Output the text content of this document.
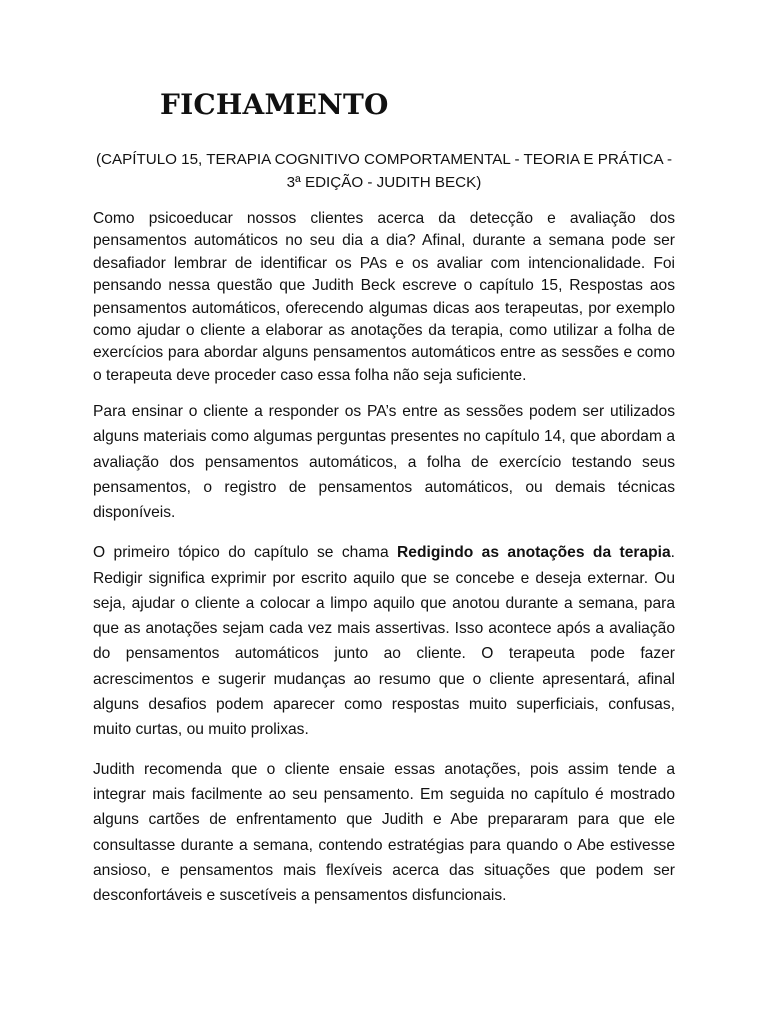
FICHAMENTO

(CAPÍTULO 15, TERAPIA COGNITIVO COMPORTAMENTAL - TEORIA E PRÁTICA - 3ª EDIÇÃO - JUDITH BECK)

Como psicoeducar nossos clientes acerca da detecção e avaliação dos pensamentos automáticos no seu dia a dia? Afinal, durante a semana pode ser desafiador lembrar de identificar os PAs e os avaliar com intencionalidade. Foi pensando nessa questão que Judith Beck escreve o capítulo 15, Respostas aos pensamentos automáticos, oferecendo algumas dicas aos terapeutas, por exemplo como ajudar o cliente a elaborar as anotações da terapia, como utilizar a folha de exercícios para abordar alguns pensamentos automáticos entre as sessões e como o terapeuta deve proceder caso essa folha não seja suficiente.

Para ensinar o cliente a responder os PA’s entre as sessões podem ser utilizados alguns materiais como algumas perguntas presentes no capítulo 14, que abordam a avaliação dos pensamentos automáticos, a folha de exercício testando seus pensamentos, o registro de pensamentos automáticos, ou demais técnicas disponíveis.

O primeiro tópico do capítulo se chama Redigindo as anotações da terapia. Redigir significa exprimir por escrito aquilo que se concebe e deseja externar. Ou seja, ajudar o cliente a colocar a limpo aquilo que anotou durante a semana, para que as anotações sejam cada vez mais assertivas. Isso acontece após a avaliação do pensamentos automáticos junto ao cliente. O terapeuta pode fazer acrescimentos e sugerir mudanças ao resumo que o cliente apresentará, afinal alguns desafios podem aparecer como respostas muito superficiais, confusas, muito curtas, ou muito prolixas.

Judith recomenda que o cliente ensaie essas anotações, pois assim tende a integrar mais facilmente ao seu pensamento. Em seguida no capítulo é mostrado alguns cartões de enfrentamento que Judith e Abe prepararam para que ele consultasse durante a semana, contendo estratégias para quando o Abe estivesse ansioso, e pensamentos mais flexíveis acerca das situações que podem ser desconfortáveis e suscetíveis a pensamentos disfuncionais.
